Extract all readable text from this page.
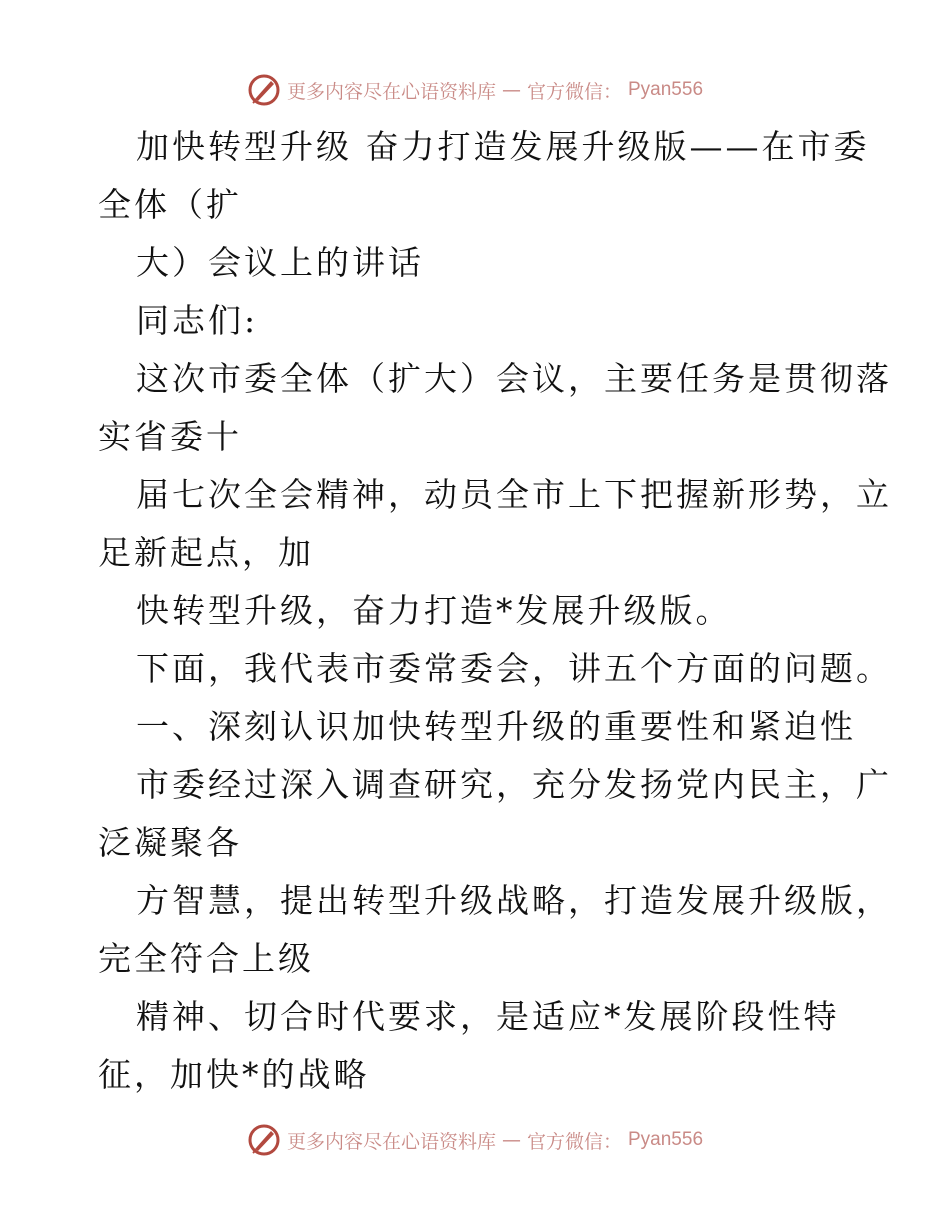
更多内容尽在心语资料库 — 官方微信： Pyan556
加快转型升级 奋力打造发展升级版——在市委
全体（扩
大）会议上的讲话
同志们:
这次市委全体（扩大）会议，主要任务是贯彻落
实省委十
届七次全会精神，动员全市上下把握新形势，立
足新起点，加
快转型升级，奋力打造*发展升级版。
下面，我代表市委常委会，讲五个方面的问题。
一、深刻认识加快转型升级的重要性和紧迫性
市委经过深入调查研究，充分发扬党内民主，广
泛凝聚各
方智慧，提出转型升级战略，打造发展升级版，
完全符合上级
精神、切合时代要求，是适应*发展阶段性特
征，加快*的战略
更多内容尽在心语资料库 — 官方微信： Pyan556
